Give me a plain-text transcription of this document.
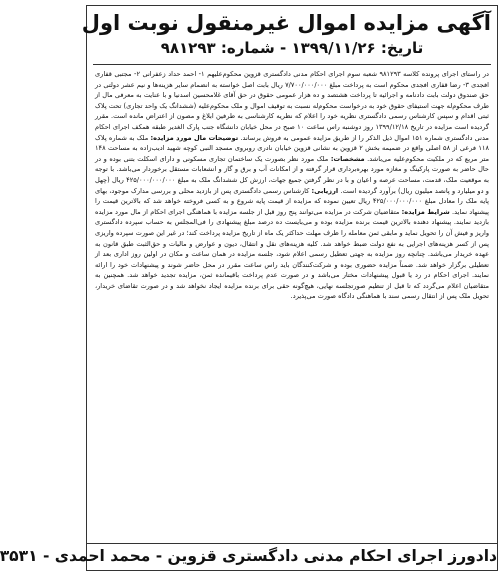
آگهی مزایده اموال غیرمنقول نوبت اول
تاریخ: ۱۳۹۹/۱۱/۲۶ - شماره: ۹۸۱۲۹۳

در راستای اجرای پرونده کلاسه ۹۸۱۲۹۳ شعبه سوم اجرای احکام مدنی دادگستری قزوین محکوم‌علیهم ۱- احمد حداد زعفرانی ۲- مجتبی قفاری افجدی ۳- رضا قفاری افجدی محکوم است به پرداخت مبلغ ۷/۷۰۰/۰۰۰/۰۰۰ ریال بابت اصل خواسته به انضمام سایر هزینه‌ها و نیم عشر دولتی در حق صندوق دولت بابت دادنامه و اجرائیه تا پرداخت هشتصد و ده هزار عمومی حقوق در حق آقای غلامحسین اسدنیا و با عنایت به معرفی مال از طرف محکوم‌له جهت استیفای حقوق خود به درخواست محکوم‌له نسبت به توقیف اموال و ملک محکوم‌علیه (ششدانگ یک واحد تجاری) تحت پلاک ثبتی اقدام و سپس کارشناس رسمی دادگستری نظریه خود را اعلام که نظریه کارشناسی به طرفین ابلاغ و مصون از اعتراض مانده است. مقرر گردیده است مزایده در تاریخ ۱۳۹۹/۱۲/۱۸ روز دوشنبه راس ساعت ۱۰ صبح در محل خیابان دانشگاه جنب پارک الغدیر طبقه همکف اجرای احکام مدنی دادگستری شماره ۱۵۱ اموال ذیل الذکر را از طریق مزایده عمومی به فروش برساند. توضیحات مال مورد مزایده: ملک به شماره پلاک ۱۱۸ فرعی از ۵۸ اصلی واقع در ضمیمه بخش ۲ قزوین به نشانی قزوین خیابان نادری روبروی مسجد النبی کوچه شهید ادیب‌زاده به مساحت ۱۴۸ متر مربع که در ملکیت محکوم‌علیه می‌باشد. مشخصات: ملک مورد نظر بصورت یک ساختمان تجاری مسکونی و دارای اسکلت بتنی بوده و در حال حاضر به صورت پارکینگ و مغازه مورد بهره‌برداری قرار گرفته و از امکانات آب و برق و گاز و انشعابات مستقل برخوردار می‌باشد. با توجه به موقعیت ملک، قدمت، مساحت عرصه و اعیان و با در نظر گرفتن جمیع جهات، ارزش کل ششدانگ ملک به مبلغ ۴۲۵/۰۰۰/۰۰۰/۰۰۰ ریال (چهل و دو میلیارد و پانصد میلیون ریال) برآورد گردیده است. ارزیابی: کارشناس رسمی دادگستری پس از بازدید محلی و بررسی مدارک موجود، بهای پایه ملک را معادل مبلغ ۴۲۵/۰۰۰/۰۰۰/۰۰۰ ریال تعیین نموده که مزایده از قیمت پایه شروع و به کسی فروخته خواهد شد که بالاترین قیمت را پیشنهاد نماید. شرایط مزایده: متقاضیان شرکت در مزایده می‌توانند پنج روز قبل از جلسه مزایده با هماهنگی اجرای احکام از مال مورد مزایده بازدید نمایند. پیشنهاد دهنده بالاترین قیمت برنده مزایده بوده و می‌بایست ده درصد مبلغ پیشنهادی را فی‌المجلس به حساب سپرده دادگستری واریز و فیش آن را تحویل نماید و مابقی ثمن معامله را ظرف مهلت حداکثر یک ماه از تاریخ مزایده پرداخت کند؛ در غیر این صورت سپرده واریزی پس از کسر هزینه‌های اجرایی به نفع دولت ضبط خواهد شد. کلیه هزینه‌های نقل و انتقال، دیون و عوارض و مالیات و حق‌الثبت طبق قانون به عهده خریدار می‌باشد. چنانچه روز مزایده به جهتی تعطیل رسمی اعلام شود، جلسه مزایده در همان ساعت و مکان در اولین روز اداری بعد از تعطیلی برگزار خواهد شد. ضمناً مزایده حضوری بوده و شرکت‌کنندگان باید راس ساعت مقرر در محل حاضر شوند و پیشنهادات خود را ارائه نمایند. اجرای احکام در رد یا قبول پیشنهادات مختار می‌باشد و در صورت عدم پرداخت باقیمانده ثمن، مزایده تجدید خواهد شد. همچنین به متقاضیان اعلام می‌گردد که تا قبل از تنظیم صورتجلسه نهایی، هیچ‌گونه حقی برای برنده مزایده ایجاد نخواهد شد و در صورت تقاضای خریدار، تحویل ملک پس از انتقال رسمی سند با هماهنگی دادگاه صورت می‌پذیرد.

دادورز اجرای احکام مدنی دادگستری قزوین - محمد احمدی - ۳۵۳۱
